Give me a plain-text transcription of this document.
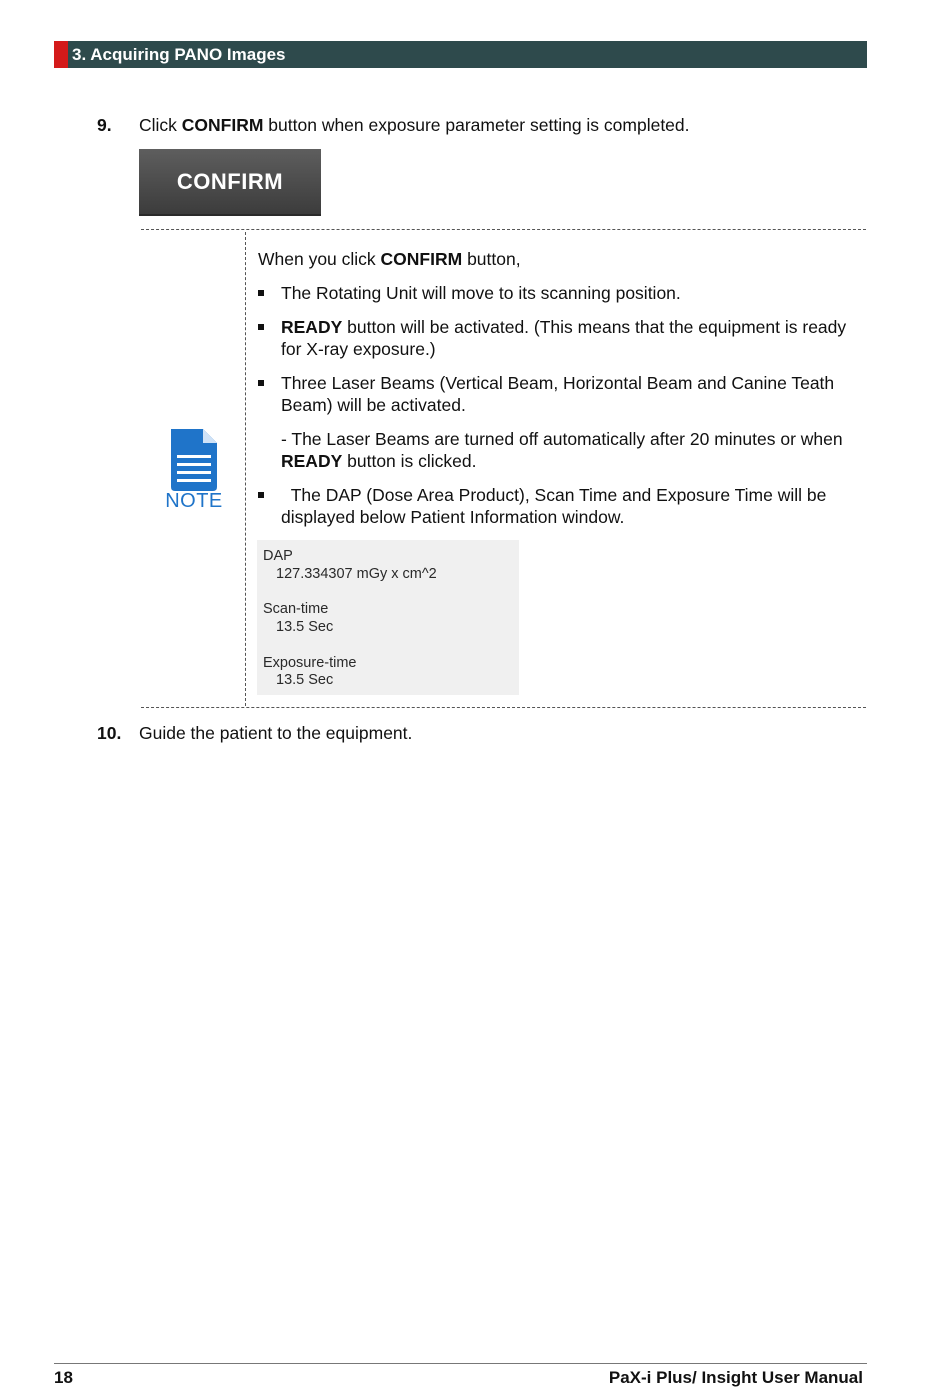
3. Acquiring PANO Images
9.	Click CONFIRM button when exposure parameter setting is completed.
CONFIRM
NOTE

When you click CONFIRM button,

The Rotating Unit will move to its scanning position.

READY button will be activated. (This means that the equipment is ready for X-ray exposure.)

Three Laser Beams (Vertical Beam, Horizontal Beam and Canine Teath Beam) will be activated.

- The Laser Beams are turned off automatically after 20 minutes or when READY button is clicked.

The DAP (Dose Area Product), Scan Time and Exposure Time will be displayed below Patient Information window.

DAP
127.334307 mGy x cm^2
Scan-time
13.5 Sec
Exposure-time
13.5 Sec
10.	Guide the patient to the equipment.
18	PaX-i Plus/ Insight User Manual
